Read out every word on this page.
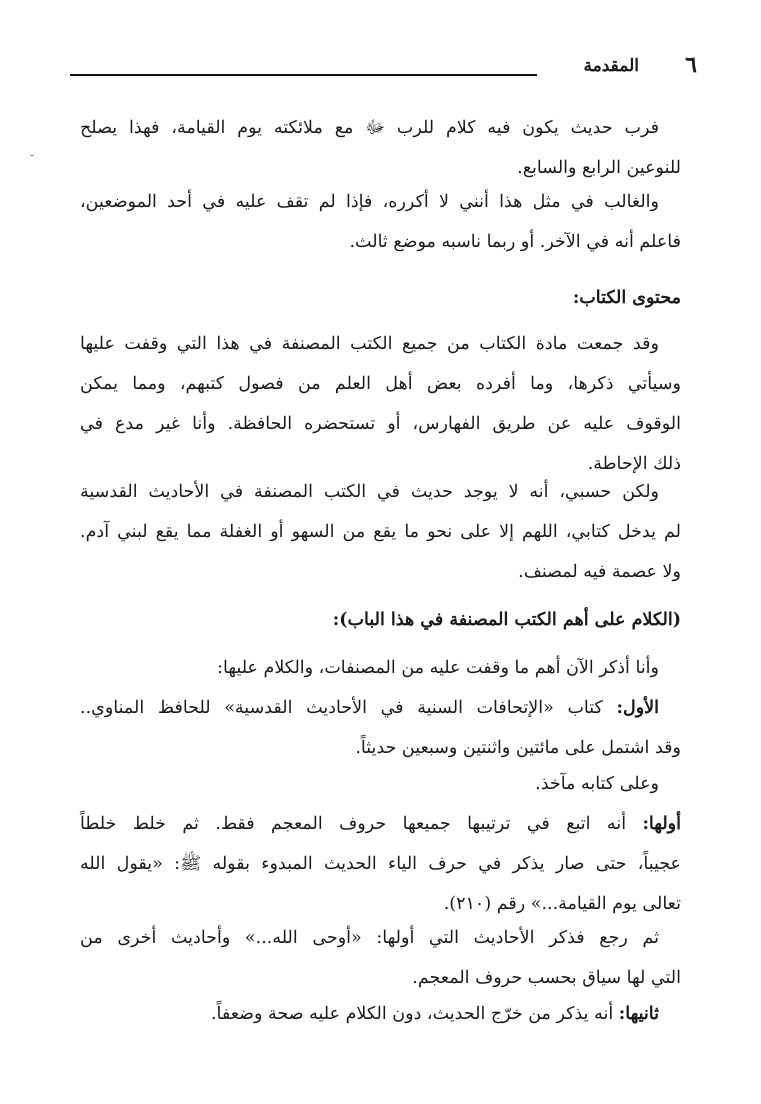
٦
المقدمة
فرب حديث يكون فيه كلام للرب ﷻ مع ملائكته يوم القيامة، فهذا يصلح
للنوعين الرابع والسابع.
والغالب في مثل هذا أنني لا أكرره، فإذا لم تقف عليه في أحد الموضعين،
فاعلم أنه في الآخر. أو ربما ناسبه موضع ثالث.
محتوى الكتاب:
وقد جمعت مادة الكتاب من جميع الكتب المصنفة في هذا التي وقفت عليها
وسيأتي ذكرها، وما أفرده بعض أهل العلم من فصول كتبهم، ومما يمكن
الوقوف عليه عن طريق الفهارس، أو تستحضره الحافظة. وأنا غير مدع في
ذلك الإحاطة.
ولكن حسبي، أنه لا يوجد حديث في الكتب المصنفة في الأحاديث القدسية
لم يدخل كتابي، اللهم إلا على نحو ما يقع من السهو أو الغفلة مما يقع لبني آدم.
ولا عصمة فيه لمصنف.
(الكلام على أهم الكتب المصنفة في هذا الباب):
وأنا أذكر الآن أهم ما وقفت عليه من المصنفات، والكلام عليها:
الأول: كتاب «الإتحافات السنية في الأحاديث القدسية» للحافظ المناوي..
وقد اشتمل على مائتين واثنتين وسبعين حديثاً.
وعلى كتابه مآخذ.
أولها: أنه اتبع في ترتيبها جميعها حروف المعجم فقط. ثم خلط خلطاً
عجيباً، حتى صار يذكر في حرف الياء الحديث المبدوء بقوله ﷺ: «يقول الله
تعالى يوم القيامة...» رقم (٢١٠).
ثم رجع فذكر الأحاديث التي أولها: «أوحى الله...» وأحاديث أخرى من
التي لها سياق بحسب حروف المعجم.
ثانيها: أنه يذكر من خرّج الحديث، دون الكلام عليه صحة وضعفاً.
